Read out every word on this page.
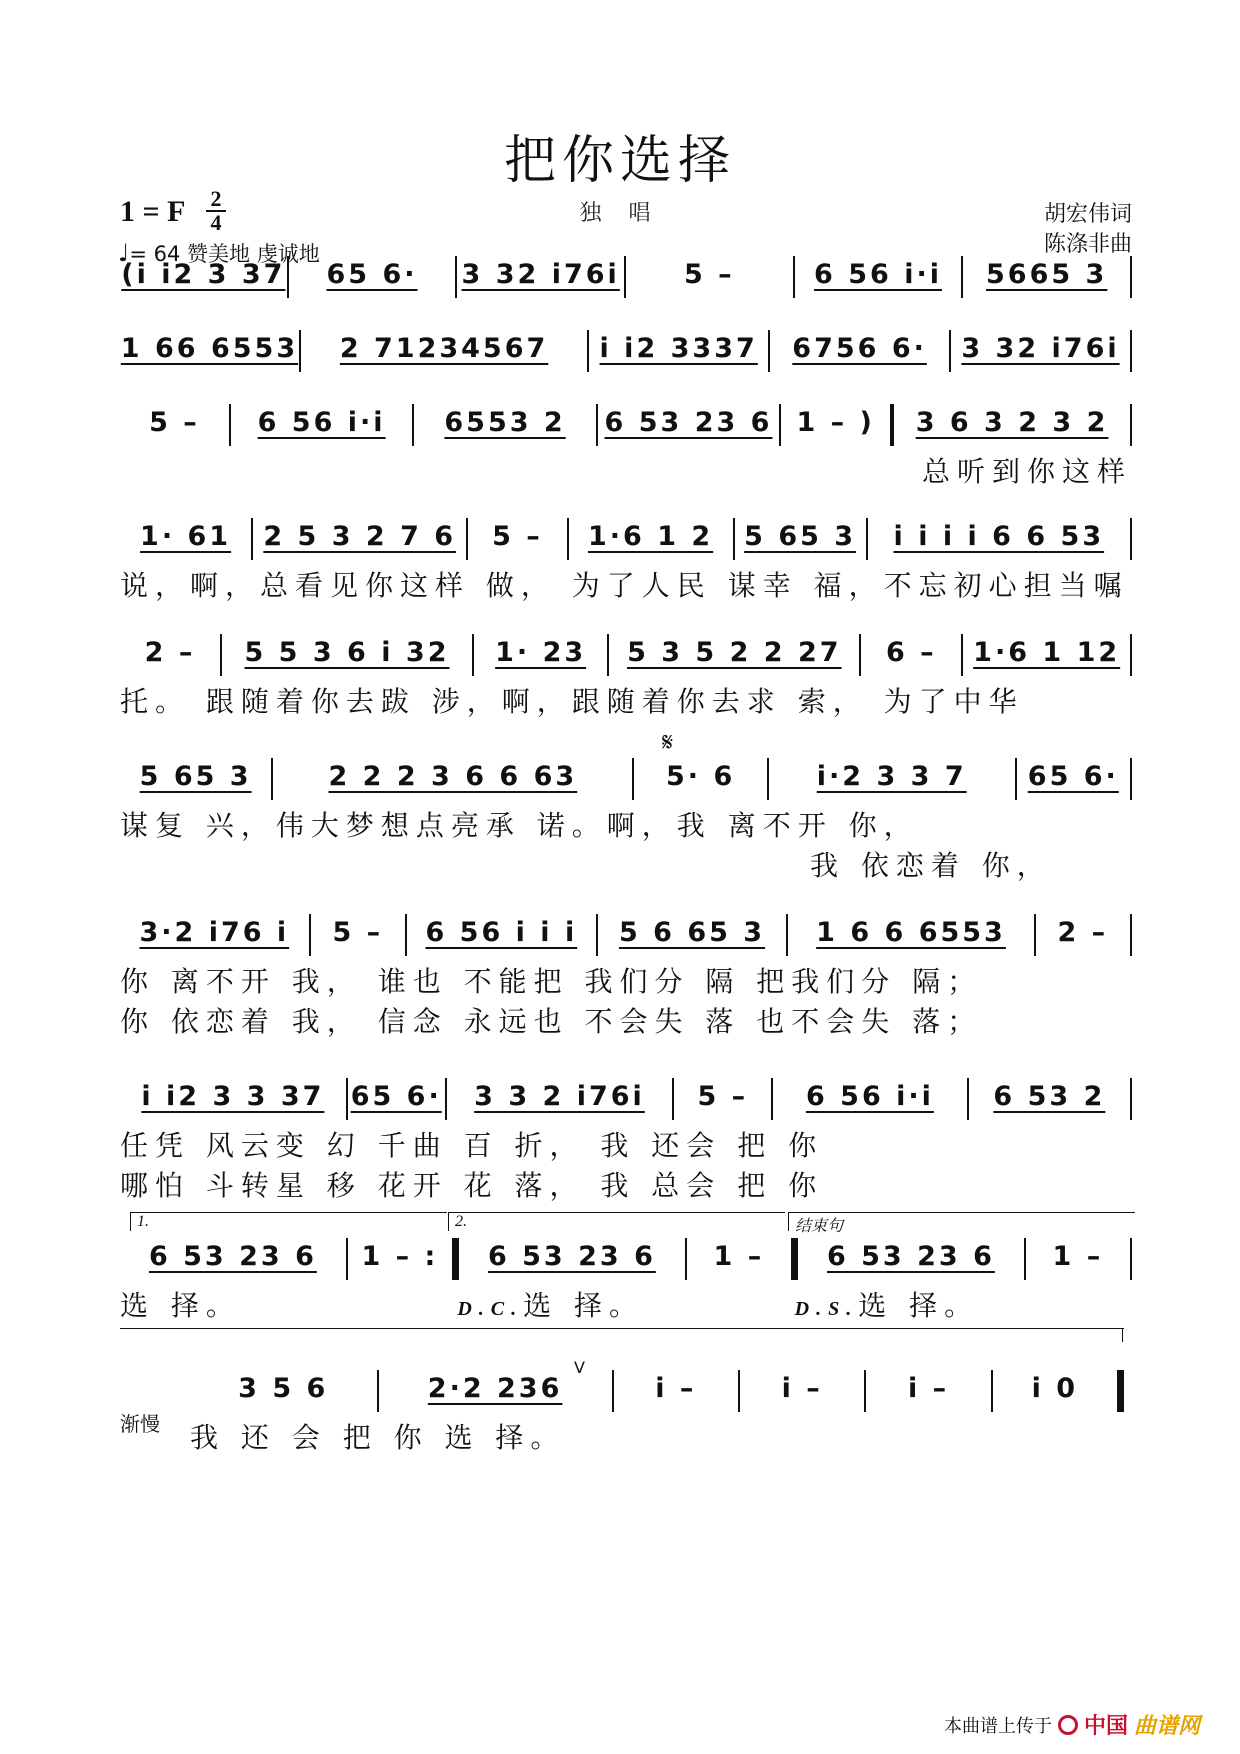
把你选择
独 唱
1 = F 2
4
♩= 64 赞美地 虔诚地
胡宏伟词
陈涤非曲
(i i2 3 37	65 6·	3 32 i76i	5 –	6 56 i·i	5665 3
1 66 6553	2 71234567	i i2 3337	6756 6·	3 32 i76i
5 –	6 56 i·i	6553 2	6 53 23 6 1 – )	3 6 3 2 3 2
总听到你这样
1· 61	2 5 3 2 7 6	5 –	1·6 1 2	5 65 3	i i i i 6 6 53
说，啊，总看见你这样 做， 为了人民 谋幸 福，不忘初心担当嘱
2 –	5 5 3 6 i 32	1· 23	5 3 5 2 2 27	6 –	1·6 1 12
托。 跟随着你去跋 涉，啊，跟随着你去求 索， 为了中华
𝄋
5 65 3	2 2 2 3 6 6 63	5· 6	i·2 3 3 7	65 6·
谋复 兴，伟大梦想点亮承 诺。啊，我 离不开 你，
我 依恋着 你，
3·2 i76 i	5 –	6 56 i i i	5 6 65 3	1 6 6 6553	2 –
你 离不开 我， 谁也 不能把 我们分 隔 把我们分 隔；
你 依恋着 我， 信念 永远也 不会失 落 也不会失 落；
i i2 3 3 37 65 6·	3 3 2 i76i	5 –	6 56 i·i	6 53 2
任凭 风云变 幻 千曲 百 折， 我 还会 把 你
哪怕 斗转星 移 花开 花 落， 我 总会 把 你
1.	2.	结束句
6 53 23 6	1 – :	6 53 23 6	1 –	6 53 23 6	1 –
选 择。	D.C.选 择。	D.S.选 择。
渐慢
V
3 5 6	2·2 236	i –	i –	i –	i 0
我 还 会 把 你 选 择。
本曲谱上传于 中国 曲谱网
